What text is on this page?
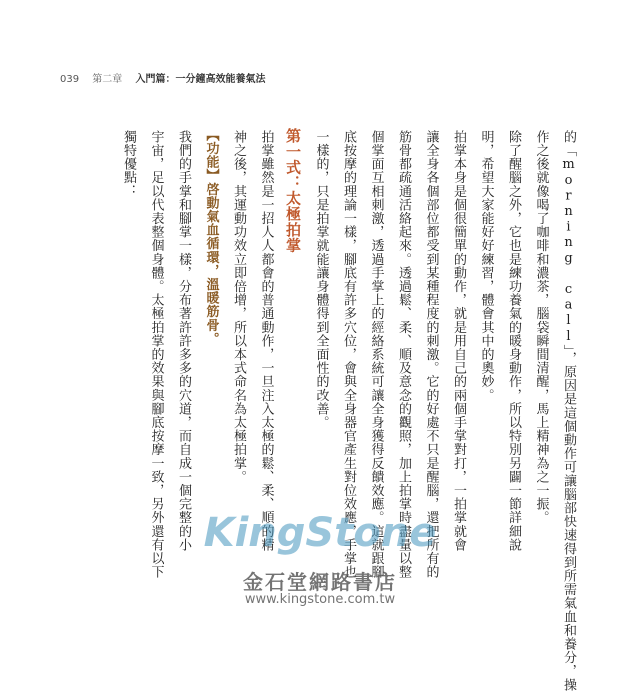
039 第二章 入門篇：一分鐘高效能養氣法
的「morning call」，原因是這個動作可讓腦部快速得到所需氣血和養分，操
作之後就像喝了咖啡和濃茶，腦袋瞬間清醒，馬上精神為之一振。
除了醒腦之外，它也是練功養氣的暖身動作，所以特別另闢一節詳細說
明，希望大家能好好練習，體會其中的奧妙。
拍掌本身是個很簡單的動作，就是用自己的兩個手掌對打，一拍掌就會
讓全身各個部位都受到某種程度的刺激。它的好處不只是醒腦，還把所有的
筋骨都疏通活絡起來。透過鬆、柔、順及意念的觀照，加上拍掌時盡量以整
個掌面互相刺激，透過手掌上的經絡系統可讓全身獲得反饋效應。這就跟腳
底按摩的理論一樣，腳底有許多穴位，會與全身器官產生對位效應，手掌也
一樣的，只是拍掌就能讓身體得到全面性的改善。
第一式：太極拍掌
拍掌雖然是一招人人都會的普通動作，一旦注入太極的鬆、柔、順的精
神之後，其運動功效立即倍增，所以本式命名為太極拍掌。
【功能】啓動氣血循環，溫暖筋骨。
我們的手掌和腳掌一樣，分布著許許多多的穴道，而自成一個完整的小
宇宙，足以代表整個身體。太極拍掌的效果與腳底按摩一致，另外還有以下
獨特優點：
KingStone
金石堂網路書店
www.kingstone.com.tw
